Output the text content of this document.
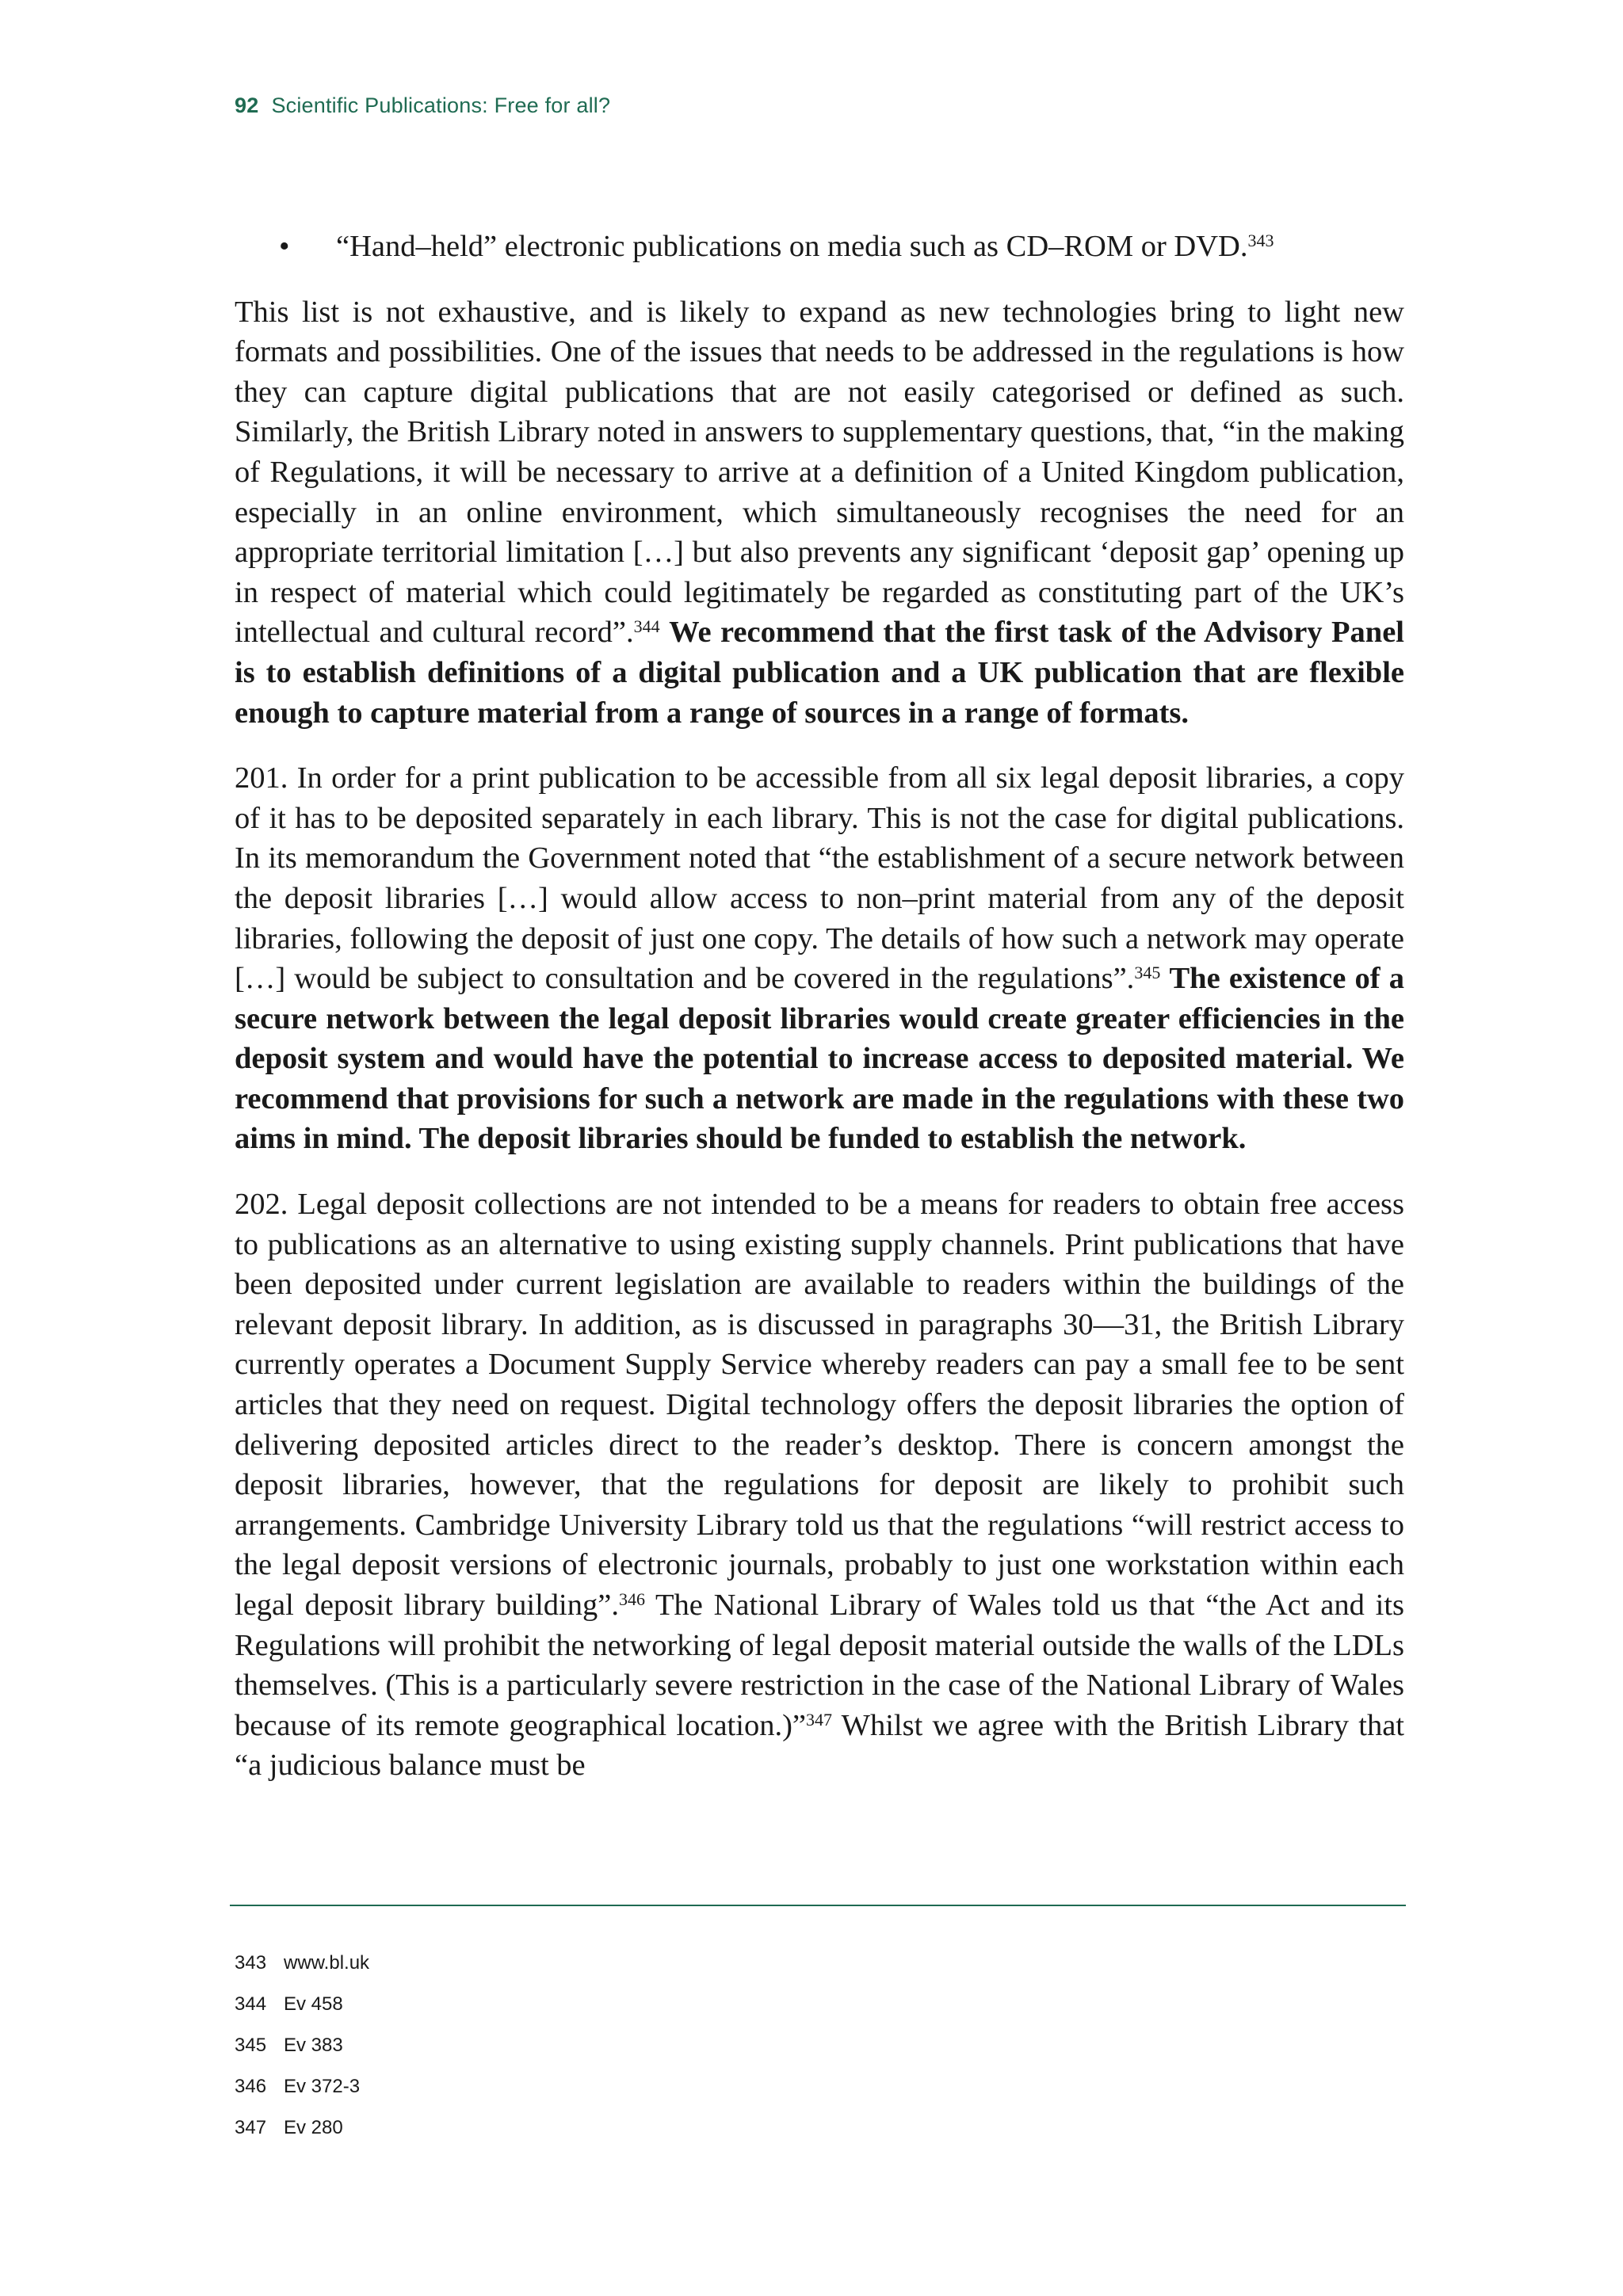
92 Scientific Publications: Free for all?
• “Hand–held” electronic publications on media such as CD–ROM or DVD.$^{343}$

This list is not exhaustive, and is likely to expand as new technologies bring to light new formats and possibilities. One of the issues that needs to be addressed in the regulations is how they can capture digital publications that are not easily categorised or defined as such. Similarly, the British Library noted in answers to supplementary questions, that, “in the making of Regulations, it will be necessary to arrive at a definition of a United Kingdom publication, especially in an online environment, which simultaneously recognises the need for an appropriate territorial limitation […] but also prevents any significant ‘deposit gap’ opening up in respect of material which could legitimately be regarded as constituting part of the UK’s intellectual and cultural record”.$^{344}$ We recommend that the first task of the Advisory Panel is to establish definitions of a digital publication and a UK publication that are flexible enough to capture material from a range of sources in a range of formats.

201. In order for a print publication to be accessible from all six legal deposit libraries, a copy of it has to be deposited separately in each library. This is not the case for digital publications. In its memorandum the Government noted that “the establishment of a secure network between the deposit libraries […] would allow access to non–print material from any of the deposit libraries, following the deposit of just one copy. The details of how such a network may operate […] would be subject to consultation and be covered in the regulations”.$^{345}$ The existence of a secure network between the legal deposit libraries would create greater efficiencies in the deposit system and would have the potential to increase access to deposited material. We recommend that provisions for such a network are made in the regulations with these two aims in mind. The deposit libraries should be funded to establish the network.

202. Legal deposit collections are not intended to be a means for readers to obtain free access to publications as an alternative to using existing supply channels. Print publications that have been deposited under current legislation are available to readers within the buildings of the relevant deposit library. In addition, as is discussed in paragraphs 30—31, the British Library currently operates a Document Supply Service whereby readers can pay a small fee to be sent articles that they need on request. Digital technology offers the deposit libraries the option of delivering deposited articles direct to the reader’s desktop. There is concern amongst the deposit libraries, however, that the regulations for deposit are likely to prohibit such arrangements. Cambridge University Library told us that the regulations “will restrict access to the legal deposit versions of electronic journals, probably to just one workstation within each legal deposit library building”.$^{346}$ The National Library of Wales told us that “the Act and its Regulations will prohibit the networking of legal deposit material outside the walls of the LDLs themselves. (This is a particularly severe restriction in the case of the National Library of Wales because of its remote geographical location.)”$^{347}$ Whilst we agree with the British Library that “a judicious balance must be

343 www.bl.uk
344 Ev 458
345 Ev 383
346 Ev 372-3
347 Ev 280
